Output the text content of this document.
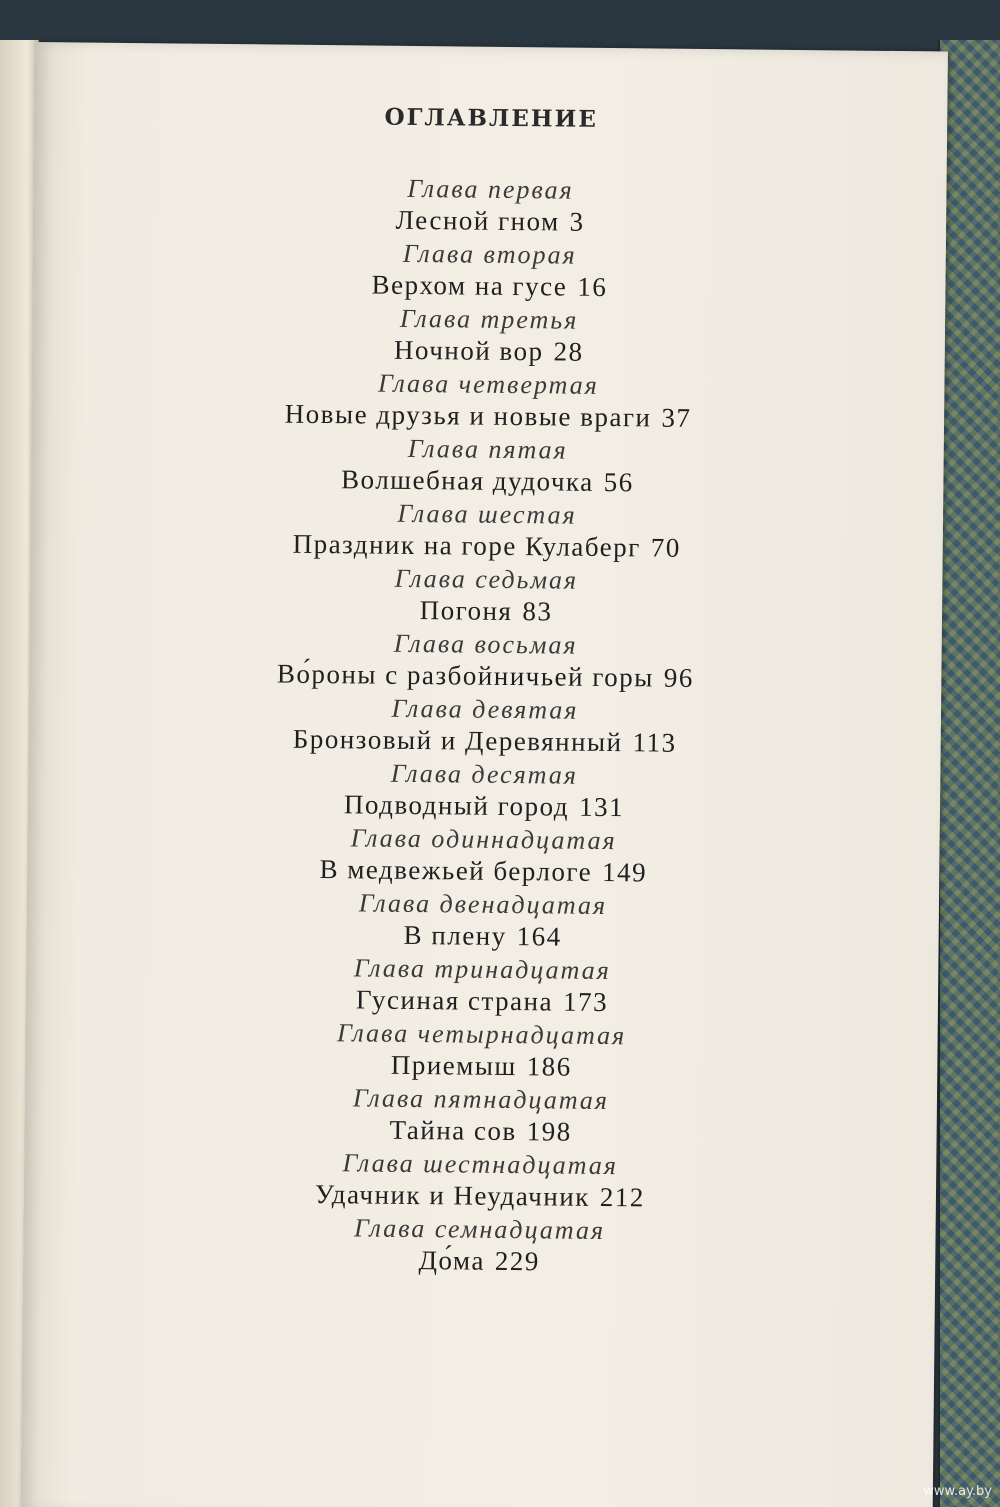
ОГЛАВЛЕНИЕ
Глава первая
Лесной гном 3
Глава вторая
Верхом на гусе 16
Глава третья
Ночной вор 28
Глава четвертая
Новые друзья и новые враги 37
Глава пятая
Волшебная дудочка 56
Глава шестая
Праздник на горе Кулаберг 70
Глава седьмая
Погоня 83
Глава восьмая
Во́роны с разбойничьей горы 96
Глава девятая
Бронзовый и Деревянный 113
Глава десятая
Подводный город 131
Глава одиннадцатая
В медвежьей берлоге 149
Глава двенадцатая
В плену 164
Глава тринадцатая
Гусиная страна 173
Глава четырнадцатая
Приемыш 186
Глава пятнадцатая
Тайна сов 198
Глава шестнадцатая
Удачник и Неудачник 212
Глава семнадцатая
До́ма 229
www.ay.by
